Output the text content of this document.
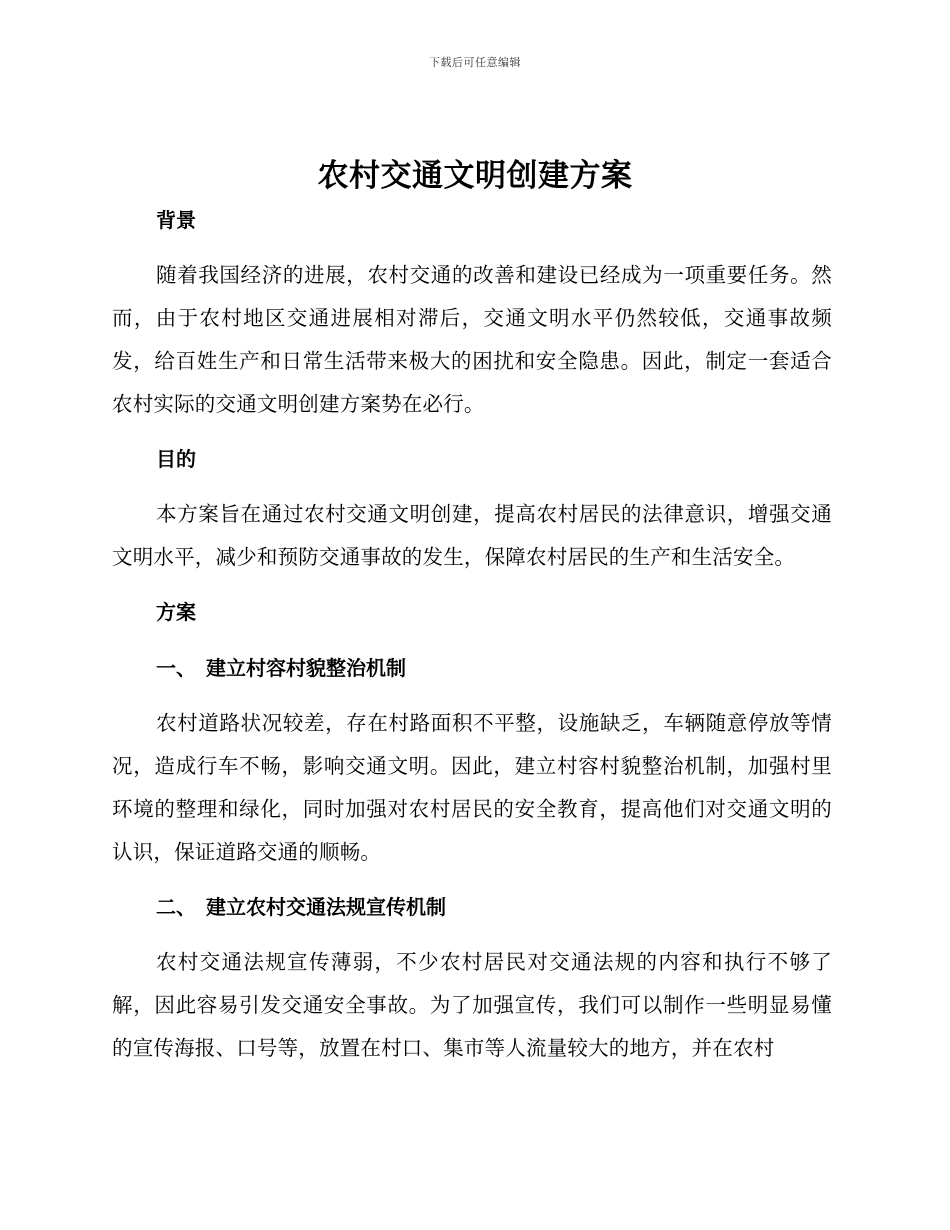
下载后可任意编辑
农村交通文明创建方案
背景

随着我国经济的进展，农村交通的改善和建设已经成为一项重要任务。然而，由于农村地区交通进展相对滞后，交通文明水平仍然较低，交通事故频发，给百姓生产和日常生活带来极大的困扰和安全隐患。因此，制定一套适合农村实际的交通文明创建方案势在必行。

目的

本方案旨在通过农村交通文明创建，提高农村居民的法律意识，增强交通文明水平，减少和预防交通事故的发生，保障农村居民的生产和生活安全。

方案
一、 建立村容村貌整治机制

农村道路状况较差，存在村路面积不平整，设施缺乏，车辆随意停放等情况，造成行车不畅，影响交通文明。因此，建立村容村貌整治机制，加强村里环境的整理和绿化，同时加强对农村居民的安全教育，提高他们对交通文明的认识，保证道路交通的顺畅。

二、 建立农村交通法规宣传机制

农村交通法规宣传薄弱，不少农村居民对交通法规的内容和执行不够了解，因此容易引发交通安全事故。为了加强宣传，我们可以制作一些明显易懂的宣传海报、口号等，放置在村口、集市等人流量较大的地方，并在农村
